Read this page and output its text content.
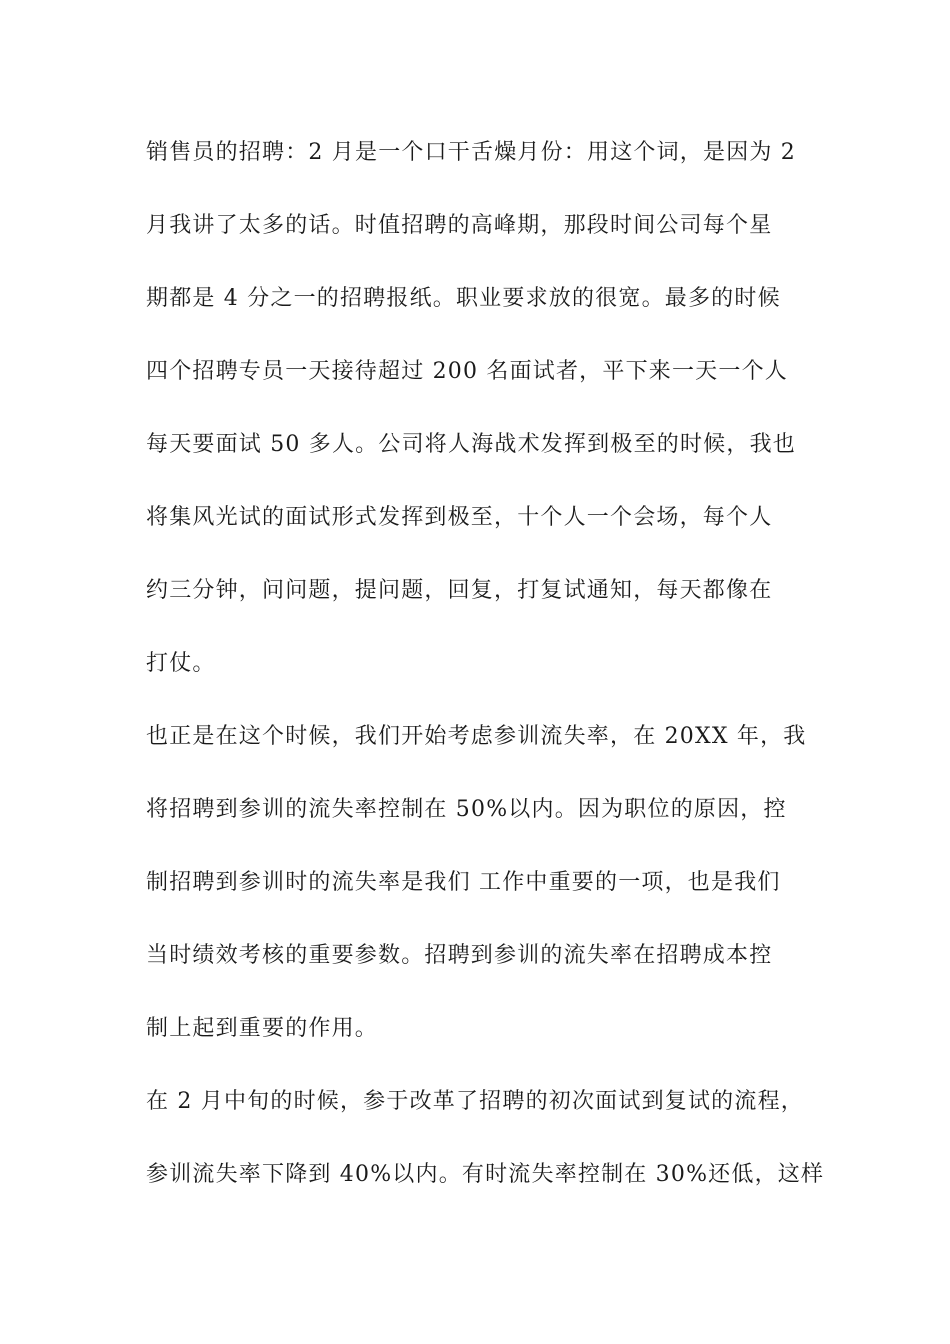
销售员的招聘：2 月是一个口干舌燥月份：用这个词，是因为 2
月我讲了太多的话。时值招聘的高峰期，那段时间公司每个星
期都是 4 分之一的招聘报纸。职业要求放的很宽。最多的时候
四个招聘专员一天接待超过 200 名面试者，平下来一天一个人
每天要面试 50 多人。公司将人海战术发挥到极至的时候，我也
将集风光试的面试形式发挥到极至，十个人一个会场，每个人
约三分钟，问问题，提问题，回复，打复试通知，每天都像在
打仗。
也正是在这个时候，我们开始考虑参训流失率，在 20XX 年，我
将招聘到参训的流失率控制在 50%以内。因为职位的原因，控
制招聘到参训时的流失率是我们 工作中重要的一项，也是我们
当时绩效考核的重要参数。招聘到参训的流失率在招聘成本控
制上起到重要的作用。
在 2 月中旬的时候，参于改革了招聘的初次面试到复试的流程，
参训流失率下降到 40%以内。有时流失率控制在 30%还低，这样
